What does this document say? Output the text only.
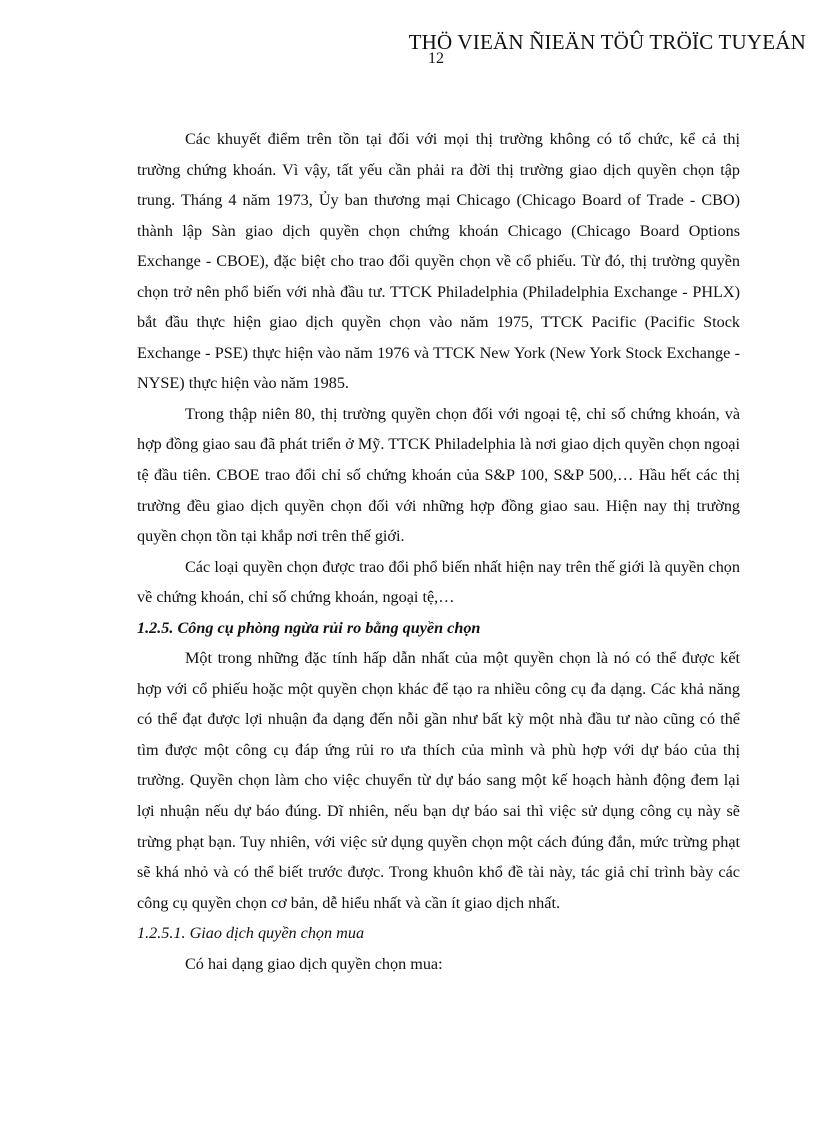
THÖ VIEÄN ÑIEÄN TÖÛ TRÖÏC TUYEÁN
12

Các khuyết điểm trên tồn tại đối với mọi thị trường không có tổ chức, kể cả thị trường chứng khoán. Vì vậy, tất yếu cần phải ra đời thị trường giao dịch quyền chọn tập trung. Tháng 4 năm 1973, Ủy ban thương mại Chicago (Chicago Board of Trade - CBO) thành lập Sàn giao dịch quyền chọn chứng khoán Chicago (Chicago Board Options Exchange - CBOE), đặc biệt cho trao đổi quyền chọn về cổ phiếu. Từ đó, thị trường quyền chọn trở nên phổ biến với nhà đầu tư. TTCK Philadelphia (Philadelphia Exchange - PHLX) bắt đầu thực hiện giao dịch quyền chọn vào năm 1975, TTCK Pacific (Pacific Stock Exchange - PSE) thực hiện vào năm 1976 và TTCK New York (New York Stock Exchange - NYSE) thực hiện vào năm 1985.

Trong thập niên 80, thị trường quyền chọn đối với ngoại tệ, chỉ số chứng khoán, và hợp đồng giao sau đã phát triển ở Mỹ. TTCK Philadelphia là nơi giao dịch quyền chọn ngoại tệ đầu tiên. CBOE trao đổi chỉ số chứng khoán của S&P 100, S&P 500,… Hầu hết các thị trường đều giao dịch quyền chọn đối với những hợp đồng giao sau. Hiện nay thị trường quyền chọn tồn tại khắp nơi trên thế giới.

Các loại quyền chọn được trao đổi phổ biến nhất hiện nay trên thế giới là quyền chọn về chứng khoán, chỉ số chứng khoán, ngoại tệ,…

1.2.5. Công cụ phòng ngừa rủi ro bằng quyền chọn

Một trong những đặc tính hấp dẫn nhất của một quyền chọn là nó có thể được kết hợp với cổ phiếu hoặc một quyền chọn khác để tạo ra nhiều công cụ đa dạng. Các khả năng có thể đạt được lợi nhuận đa dạng đến nỗi gần như bất kỳ một nhà đầu tư nào cũng có thể tìm được một công cụ đáp ứng rủi ro ưa thích của mình và phù hợp với dự báo của thị trường. Quyền chọn làm cho việc chuyển từ dự báo sang một kế hoạch hành động đem lại lợi nhuận nếu dự báo đúng. Dĩ nhiên, nếu bạn dự báo sai thì việc sử dụng công cụ này sẽ trừng phạt bạn. Tuy nhiên, với việc sử dụng quyền chọn một cách đúng đắn, mức trừng phạt sẽ khá nhỏ và có thể biết trước được. Trong khuôn khổ đề tài này, tác giả chỉ trình bày các công cụ quyền chọn cơ bản, dễ hiểu nhất và cần ít giao dịch nhất.

1.2.5.1. Giao dịch quyền chọn mua

Có hai dạng giao dịch quyền chọn mua:
